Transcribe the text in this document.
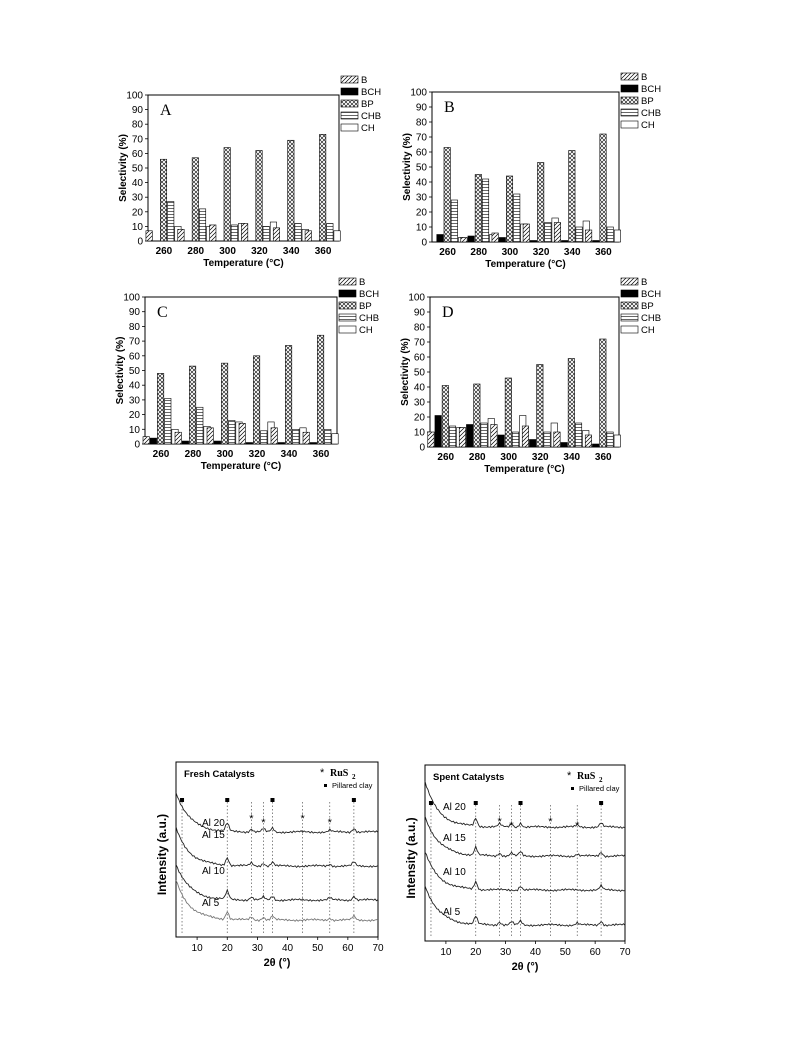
0
10
20
30
40
50
60
70
80
90
100
260 280 300 320 340 360
A
Temperature (°C)
Selectivity (%)
B
BCH
BP
CHB
CH
0
10
20
30
40
50
60
70
80
90
100
260 280 300 320 340 360
B
Temperature (°C)
Selectivity (%)
B
BCH
BP
CHB
CH
0
10
20
30
40
50
60
70
80
90
100
260 280 300 320 340 360
C
Temperature (°C)
Selectivity (%)
B
BCH
BP
CHB
CH
0
10
20
30
40
50
60
70
80
90
100
260 280 300 320 340 360
D
Temperature (°C)
Selectivity (%)
B
BCH
BP
CHB
CH
* *	* *
Al 20
Al 15
Al 10
Al 5
Fresh Catalysts	* RuS 2
Pillared clay
10 20 30 40 50 60 70
2θ (°)
Intensity (a.u.)	* *	* *
Al 20
Al 15
Al 10
Al 5
Spent Catalysts	* RuS 2
Pillared clay
10 20 30 40 50 60 70
2θ (°)
Intensity (a.u.)
